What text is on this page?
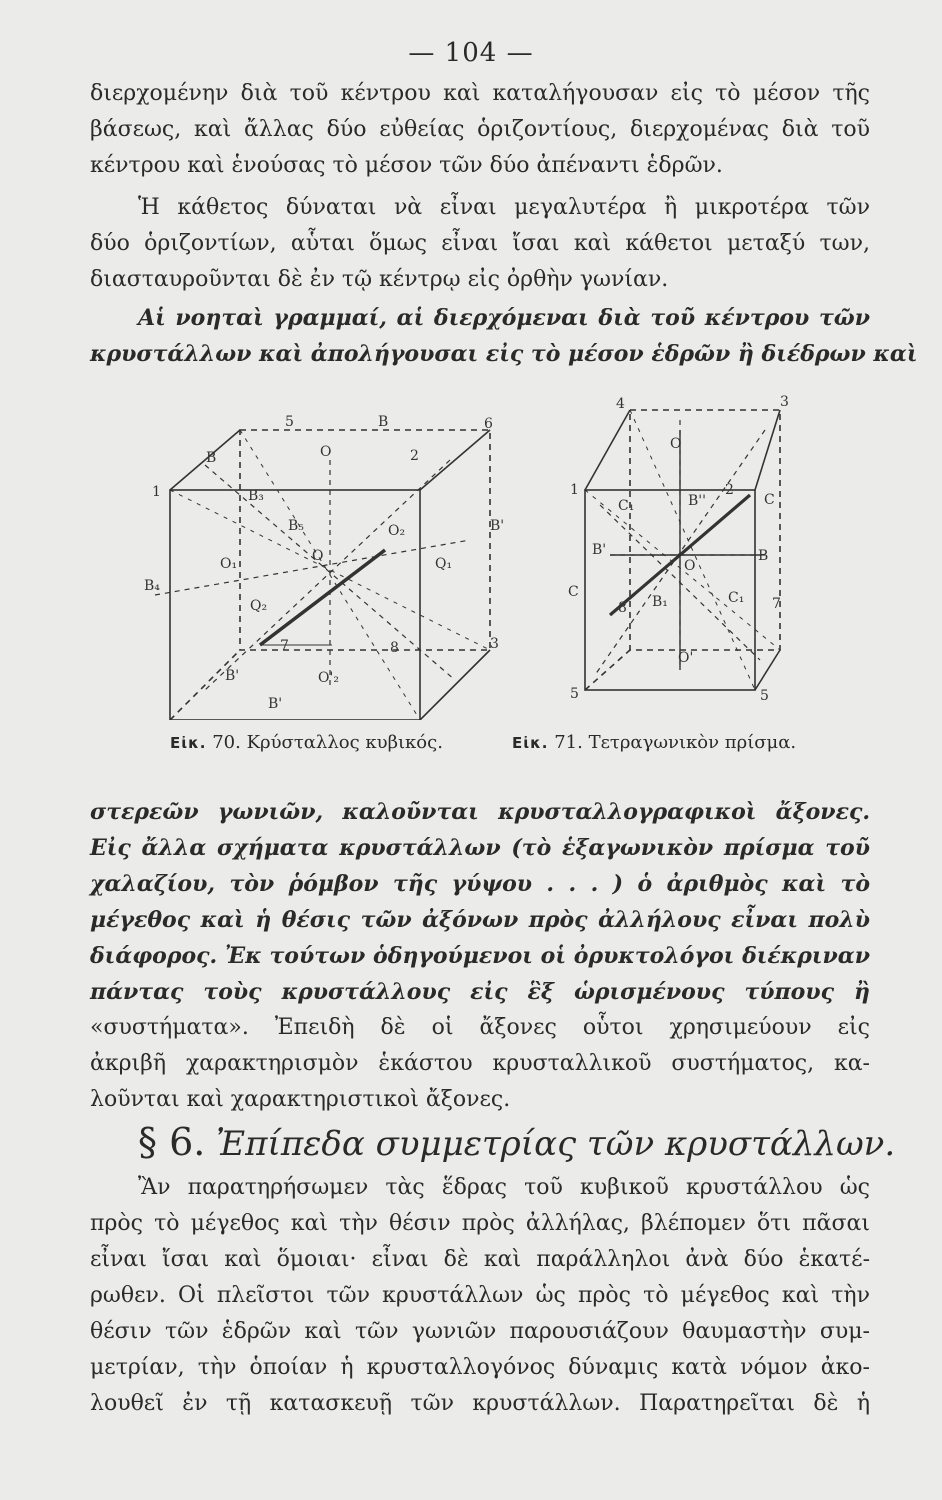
— 104 —
διερχομένην διὰ τοῦ κέντρου καὶ καταλήγουσαν εἰς τὸ μέσον τῆς
βάσεως, καὶ ἄλλας δύο εὐθείας ὁριζοντίους, διερχομένας διὰ τοῦ
κέντρου καὶ ἑνούσας τὸ μέσον τῶν δύο ἀπέναντι ἑδρῶν.
Ἡ κάθετος δύναται νὰ εἶναι μεγαλυτέρα ἢ μικροτέρα τῶν
δύο ὁριζοντίων, αὗται ὅμως εἶναι ἴσαι καὶ κάθετοι μεταξύ των,
διασταυροῦνται δὲ ἐν τῷ κέντρῳ εἰς ὀρθὴν γωνίαν.
Αἱ νοηταὶ γραμμαί, αἱ διερχόμεναι διὰ τοῦ κέντρου τῶν
κρυστάλλων καὶ ἀπολήγουσαι εἰς τὸ μέσον ἑδρῶν ἢ διέδρων καὶ
1
B
5	B	6
O	2
B₃
B₅	O₂
O
O₁	Q₁
Q₂
B₄
B'
3
7	8
B'	O'₂
B'
4	3
O
1	2
C₁	B''	C
B'	B
O
C	C₁
B₁
8	7
O'
5	5
Εἰκ. 70. Κρύσταλλος κυβικός.	Εἰκ. 71. Τετραγωνικὸν πρίσμα.
στερεῶν γωνιῶν, καλοῦνται κρυσταλλογραφικοὶ ἄξονες.
Εἰς ἄλλα σχήματα κρυστάλλων (τὸ ἑξαγωνικὸν πρίσμα τοῦ
χαλαζίου, τὸν ῥόμβον τῆς γύψου . . . ) ὁ ἀριθμὸς καὶ τὸ
μέγεθος καὶ ἡ θέσις τῶν ἀξόνων πρὸς ἀλλήλους εἶναι πολὺ
διάφορος. Ἐκ τούτων ὁδηγούμενοι οἱ ὀρυκτολόγοι διέκριναν
πάντας τοὺς κρυστάλλους εἰς ἓξ ὡρισμένους τύπους ἢ
«συστήματα». Ἐπειδὴ δὲ οἱ ἄξονες οὗτοι χρησιμεύουν εἰς
ἀκριβῆ χαρακτηρισμὸν ἑκάστου κρυσταλλικοῦ συστήματος, κα-
λοῦνται καὶ χαρακτηριστικοὶ ἄξονες.
§ 6. Ἐπίπεδα συμμετρίας τῶν κρυστάλλων.
Ἂν παρατηρήσωμεν τὰς ἕδρας τοῦ κυβικοῦ κρυστάλλου ὡς
πρὸς τὸ μέγεθος καὶ τὴν θέσιν πρὸς ἀλλήλας, βλέπομεν ὅτι πᾶσαι
εἶναι ἴσαι καὶ ὅμοιαι· εἶναι δὲ καὶ παράλληλοι ἀνὰ δύο ἑκατέ-
ρωθεν. Οἱ πλεῖστοι τῶν κρυστάλλων ὡς πρὸς τὸ μέγεθος καὶ τὴν
θέσιν τῶν ἑδρῶν καὶ τῶν γωνιῶν παρουσιάζουν θαυμαστὴν συμ-
μετρίαν, τὴν ὁποίαν ἡ κρυσταλλογόνος δύναμις κατὰ νόμον ἀκο-
λουθεῖ ἐν τῇ κατασκευῇ τῶν κρυστάλλων. Παρατηρεῖται δὲ ἡ
